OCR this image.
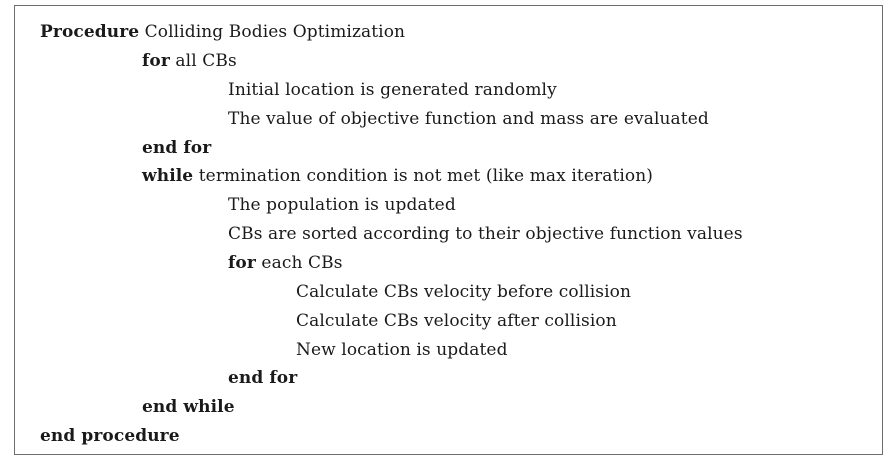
Procedure Colliding Bodies Optimization
for all CBs
Initial location is generated randomly
The value of objective function and mass are evaluated
end for
while termination condition is not met (like max iteration)
The population is updated
CBs are sorted according to their objective function values
for each CBs
Calculate CBs velocity before collision
Calculate CBs velocity after collision
New location is updated
end for
end while
end procedure
